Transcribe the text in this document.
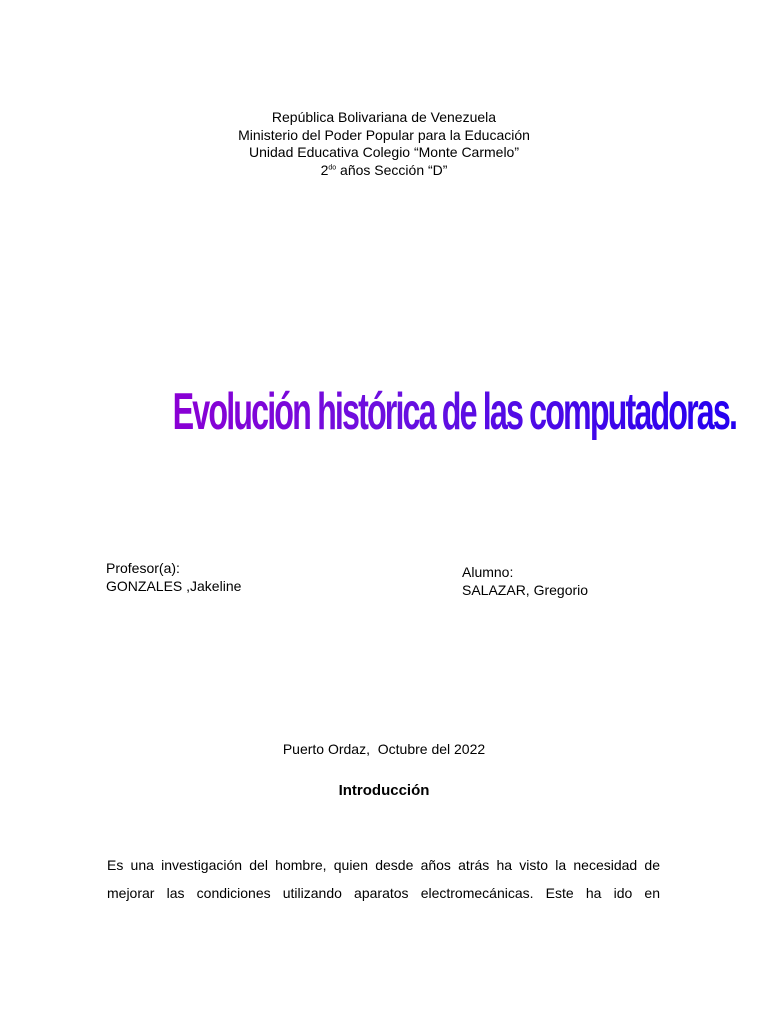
República Bolivariana de Venezuela
Ministerio del Poder Popular para la Educación
Unidad Educativa Colegio “Monte Carmelo”
$2^{do}$ años Sección “D”
Evolución histórica de las computadoras.
Profesor(a):
GONZALES ,Jakeline
Alumno:
SALAZAR, Gregorio
Puerto Ordaz,  Octubre del 2022
Introducción
Es una investigación del hombre, quien desde años atrás ha visto la necesidad de mejorar las condiciones utilizando aparatos electromecánicas. Este ha ido en
